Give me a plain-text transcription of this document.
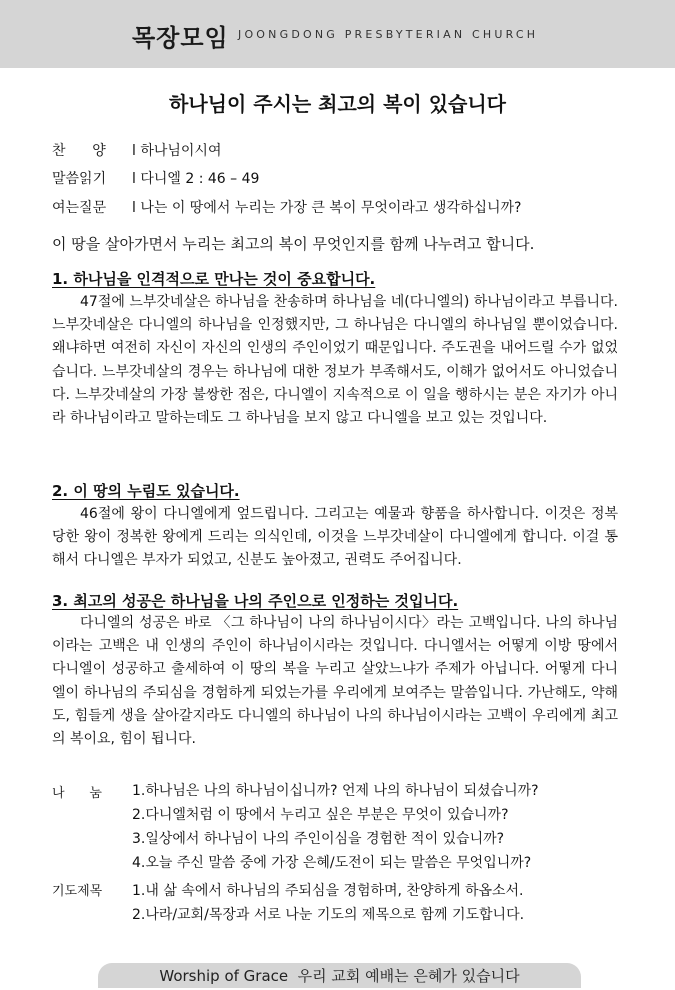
목장모임 JOONGDONG PRESBYTERIAN CHURCH
하나님이 주시는 최고의 복이 있습니다
찬      양 l 하나님이시여
말씀읽기 l 다니엘 2 : 46 – 49
여는질문 l 나는 이 땅에서 누리는 가장 큰 복이 무엇이라고 생각하십니까?
이 땅을 살아가면서 누리는 최고의 복이 무엇인지를 함께 나누려고 합니다.
1. 하나님을 인격적으로 만나는 것이 중요합니다.
47절에 느부갓네살은 하나님을 찬송하며 하나님을 네(다니엘의) 하나님이라고 부릅니다. 느부갓네살은 다니엘의 하나님을 인정했지만, 그 하나님은 다니엘의 하나님일 뿐이었습니다. 왜냐하면 여전히 자신이 자신의 인생의 주인이었기 때문입니다. 주도권을 내어드릴 수가 없었습니다. 느부갓네살의 경우는 하나님에 대한 정보가 부족해서도, 이해가 없어서도 아니었습니다. 느부갓네살의 가장 불쌍한 점은, 다니엘이 지속적으로 이 일을 행하시는 분은 자기가 아니라 하나님이라고 말하는데도 그 하나님을 보지 않고 다니엘을 보고 있는 것입니다.
2. 이 땅의 누림도 있습니다.
46절에 왕이 다니엘에게 엎드립니다. 그리고는 예물과 향품을 하사합니다. 이것은 정복당한 왕이 정복한 왕에게 드리는 의식인데, 이것을 느부갓네살이 다니엘에게 합니다. 이걸 통해서 다니엘은 부자가 되었고, 신분도 높아졌고, 권력도 주어집니다.
3. 최고의 성공은 하나님을 나의 주인으로 인정하는 것입니다.
다니엘의 성공은 바로 〈그 하나님이 나의 하나님이시다〉라는 고백입니다. 나의 하나님이라는 고백은 내 인생의 주인이 하나님이시라는 것입니다. 다니엘서는 어떻게 이방 땅에서 다니엘이 성공하고 출세하여 이 땅의 복을 누리고 살았느냐가 주제가 아닙니다. 어떻게 다니엘이 하나님의 주되심을 경험하게 되었는가를 우리에게 보여주는 말씀입니다. 가난해도, 약해도, 힘들게 생을 살아갈지라도 다니엘의 하나님이 나의 하나님이시라는 고백이 우리에게 최고의 복이요, 힘이 됩니다.
나      눔 1.하나님은 나의 하나님이십니까? 언제 나의 하나님이 되셨습니까?
2.다니엘처럼 이 땅에서 누리고 싶은 부분은 무엇이 있습니까?
3.일상에서 하나님이 나의 주인이심을 경험한 적이 있습니까?
4.오늘 주신 말씀 중에 가장 은혜/도전이 되는 말씀은 무엇입니까?
기도제목 1.내 삶 속에서 하나님의 주되심을 경험하며, 찬양하게 하옵소서.
2.나라/교회/목장과 서로 나눈 기도의 제목으로 함께 기도합니다.
Worship of Grace  우리 교회 예배는 은혜가 있습니다
